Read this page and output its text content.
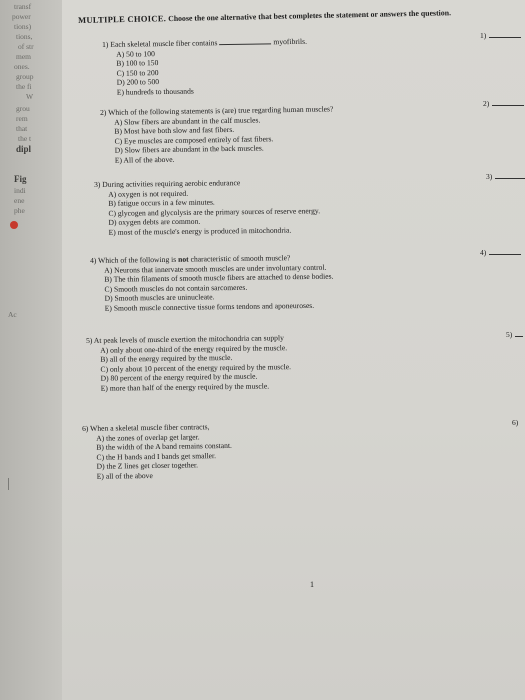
transf
power
tions)
tions,
of str
mem
ones.
group
the fi
W
grou
rem
that
the t
dipl
Fig
indi
ene
phe
Ac
MULTIPLE CHOICE. Choose the one alternative that best completes the statement or answers the question.
1) Each skeletal muscle fiber contains	myofibrils.
A) 50 to 100
B) 100 to 150
C) 150 to 200
D) 200 to 500
E) hundreds to thousands
1)
2) Which of the following statements is (are) true regarding human muscles?
A) Slow fibers are abundant in the calf muscles.
B) Most have both slow and fast fibers.
C) Eye muscles are composed entirely of fast fibers.
D) Slow fibers are abundant in the back muscles.
E) All of the above.
2)
3) During activities requiring aerobic endurance
A) oxygen is not required.
B) fatigue occurs in a few minutes.
C) glycogen and glycolysis are the primary sources of reserve energy.
D) oxygen debts are common.
E) most of the muscle's energy is produced in mitochondria.
3)
4) Which of the following is not characteristic of smooth muscle?
A) Neurons that innervate smooth muscles are under involuntary control.
B) The thin filaments of smooth muscle fibers are attached to dense bodies.
C) Smooth muscles do not contain sarcomeres.
D) Smooth muscles are uninucleate.
E) Smooth muscle connective tissue forms tendons and aponeuroses.
4)
5) At peak levels of muscle exertion the mitochondria can supply
A) only about one-third of the energy required by the muscle.
B) all of the energy required by the muscle.
C) only about 10 percent of the energy required by the muscle.
D) 80 percent of the energy required by the muscle.
E) more than half of the energy required by the muscle.
5)
6) When a skeletal muscle fiber contracts,
A) the zones of overlap get larger.
B) the width of the A band remains constant.
C) the H bands and I bands get smaller.
D) the Z lines get closer together.
E) all of the above
6)
1
